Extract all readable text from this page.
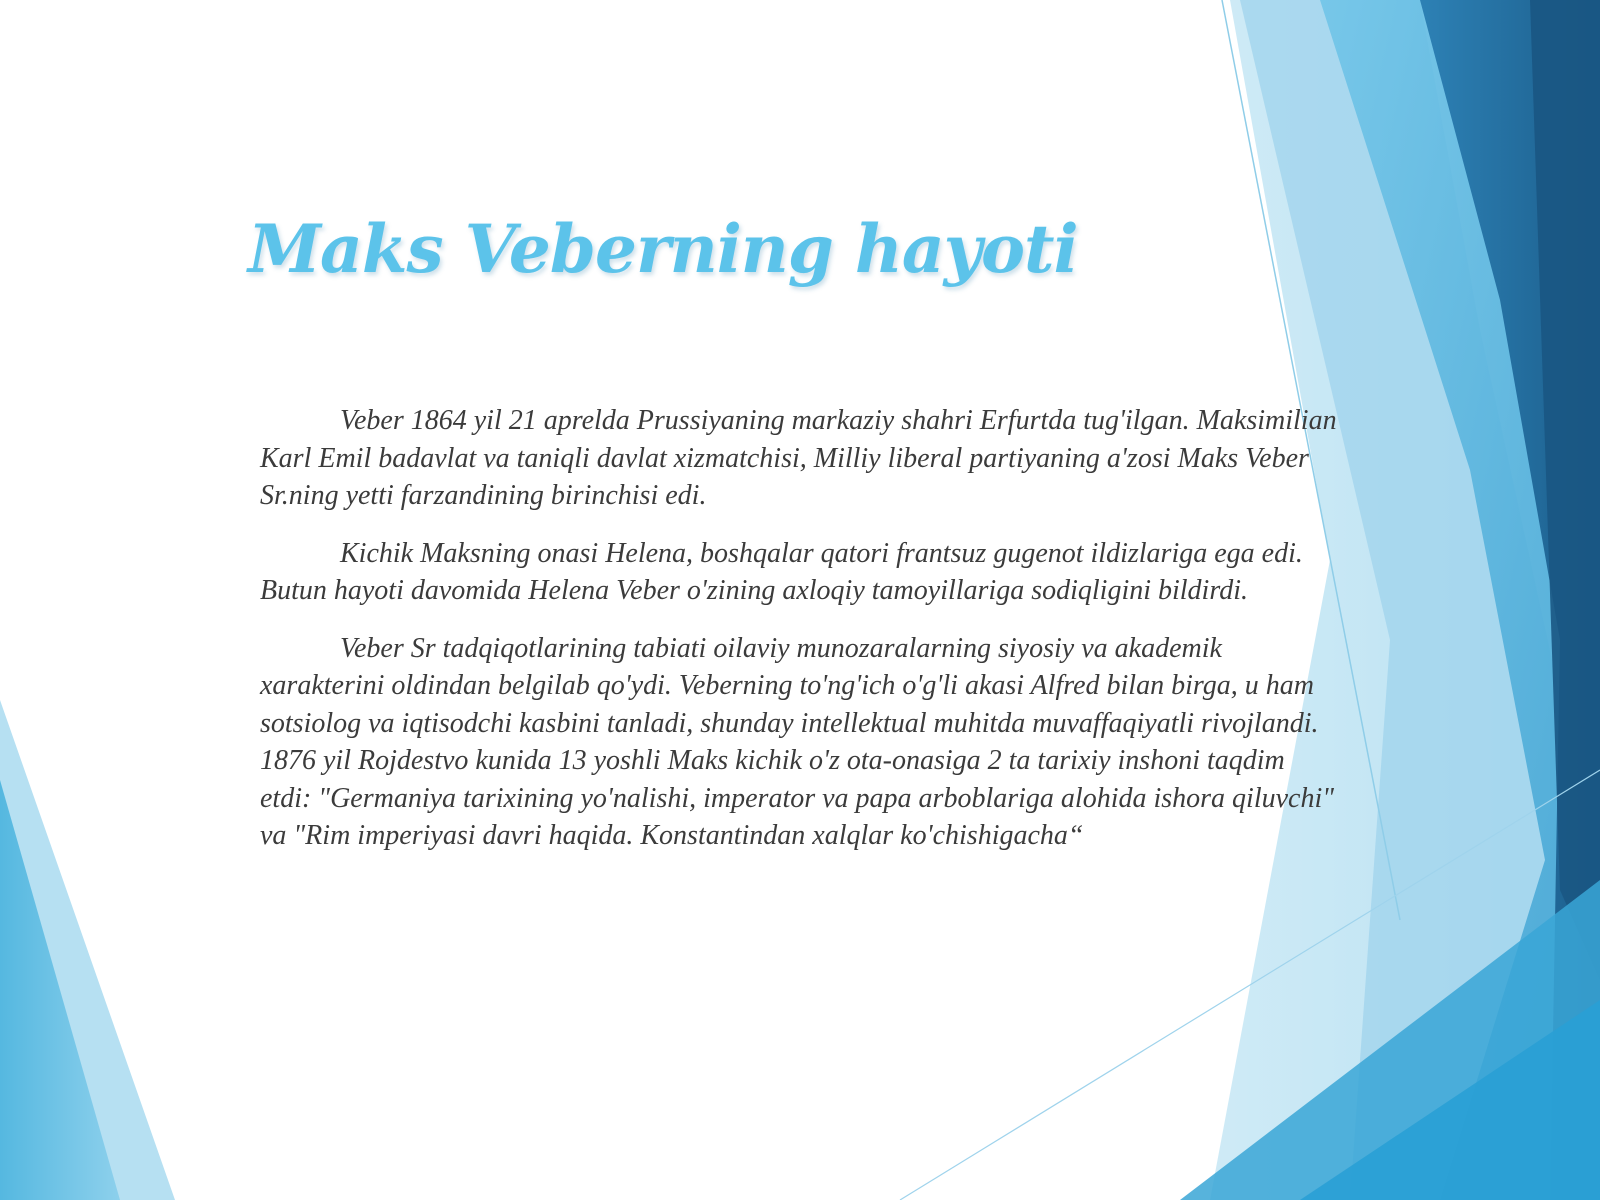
Maks Veberning hayoti

Veber 1864 yil 21 aprelda Prussiyaning markaziy shahri Erfurtda tug'ilgan. Maksimilian Karl Emil badavlat va taniqli davlat xizmatchisi, Milliy liberal partiyaning a'zosi Maks Veber Sr.ning yetti farzandining birinchisi edi.

Kichik Maksning onasi Helena, boshqalar qatori frantsuz gugenot ildizlariga ega edi. Butun hayoti davomida Helena Veber o'zining axloqiy tamoyillariga sodiqligini bildirdi.

Veber Sr tadqiqotlarining tabiati oilaviy munozaralarning siyosiy va akademik xarakterini oldindan belgilab qo'ydi. Veberning to'ng'ich o'g'li akasi Alfred bilan birga, u ham sotsiolog va iqtisodchi kasbini tanladi, shunday intellektual muhitda muvaffaqiyatli rivojlandi. 1876 yil Rojdestvo kunida 13 yoshli Maks kichik o'z ota-onasiga 2 ta tarixiy inshoni taqdim etdi: "Germaniya tarixining yo'nalishi, imperator va papa arboblariga alohida ishora qiluvchi" va "Rim imperiyasi davri haqida. Konstantindan xalqlar ko'chishigacha“
